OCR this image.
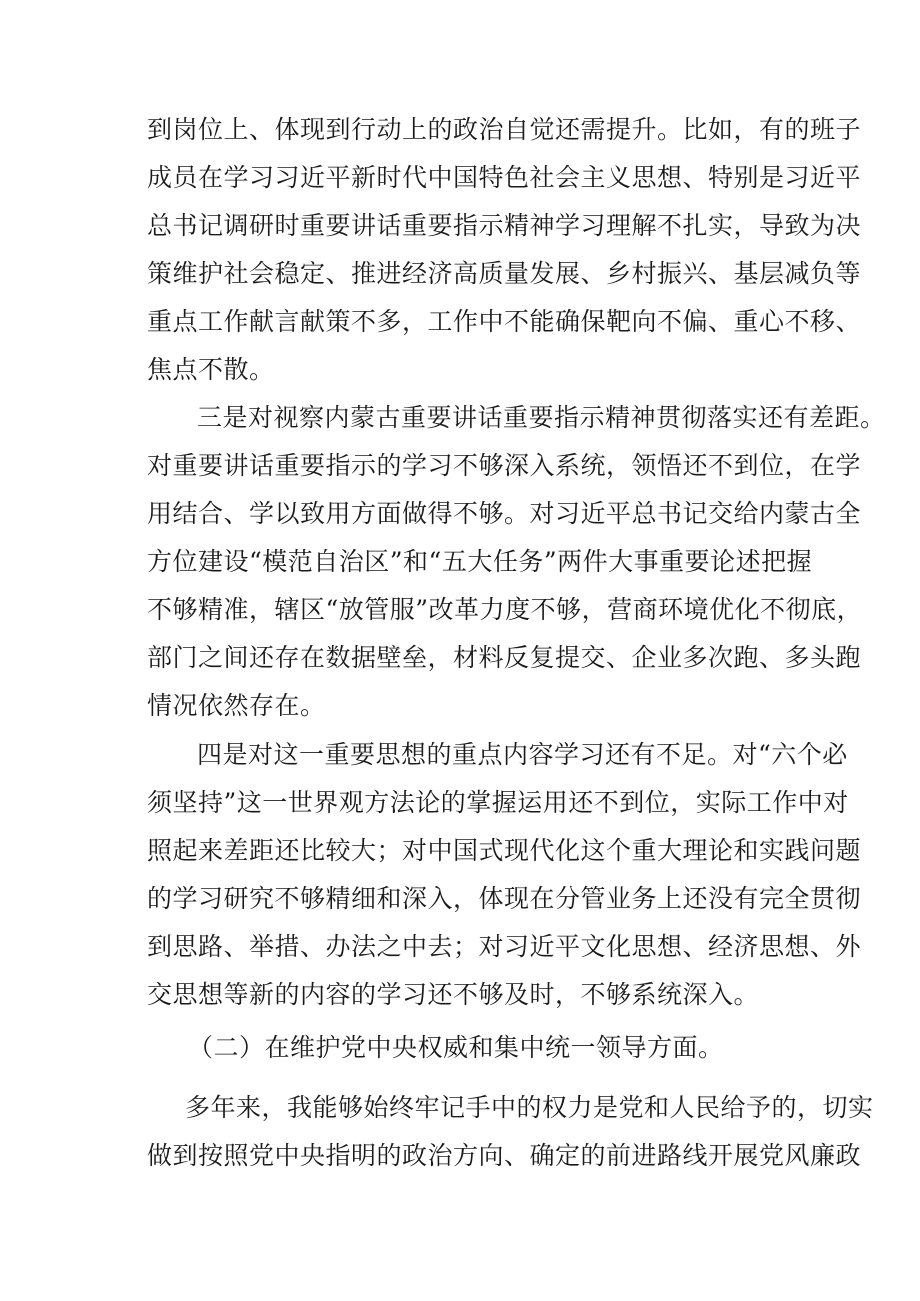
到岗位上、体现到行动上的政治自觉还需提升。比如，有的班子
成员在学习习近平新时代中国特色社会主义思想、特别是习近平
总书记调研时重要讲话重要指示精神学习理解不扎实，导致为决
策维护社会稳定、推进经济高质量发展、乡村振兴、基层减负等
重点工作献言献策不多，工作中不能确保靶向不偏、重心不移、
焦点不散。
三是对视察内蒙古重要讲话重要指示精神贯彻落实还有差距。
对重要讲话重要指示的学习不够深入系统，领悟还不到位，在学
用结合、学以致用方面做得不够。对习近平总书记交给内蒙古全
方位建设“模范自治区”和“五大任务”两件大事重要论述把握
不够精准，辖区“放管服”改革力度不够，营商环境优化不彻底，
部门之间还存在数据壁垒，材料反复提交、企业多次跑、多头跑
情况依然存在。
四是对这一重要思想的重点内容学习还有不足。对“六个必
须坚持”这一世界观方法论的掌握运用还不到位，实际工作中对
照起来差距还比较大；对中国式现代化这个重大理论和实践问题
的学习研究不够精细和深入，体现在分管业务上还没有完全贯彻
到思路、举措、办法之中去；对习近平文化思想、经济思想、外
交思想等新的内容的学习还不够及时，不够系统深入。
（二）在维护党中央权威和集中统一领导方面。
多年来，我能够始终牢记手中的权力是党和人民给予的，切实
做到按照党中央指明的政治方向、确定的前进路线开展党风廉政
